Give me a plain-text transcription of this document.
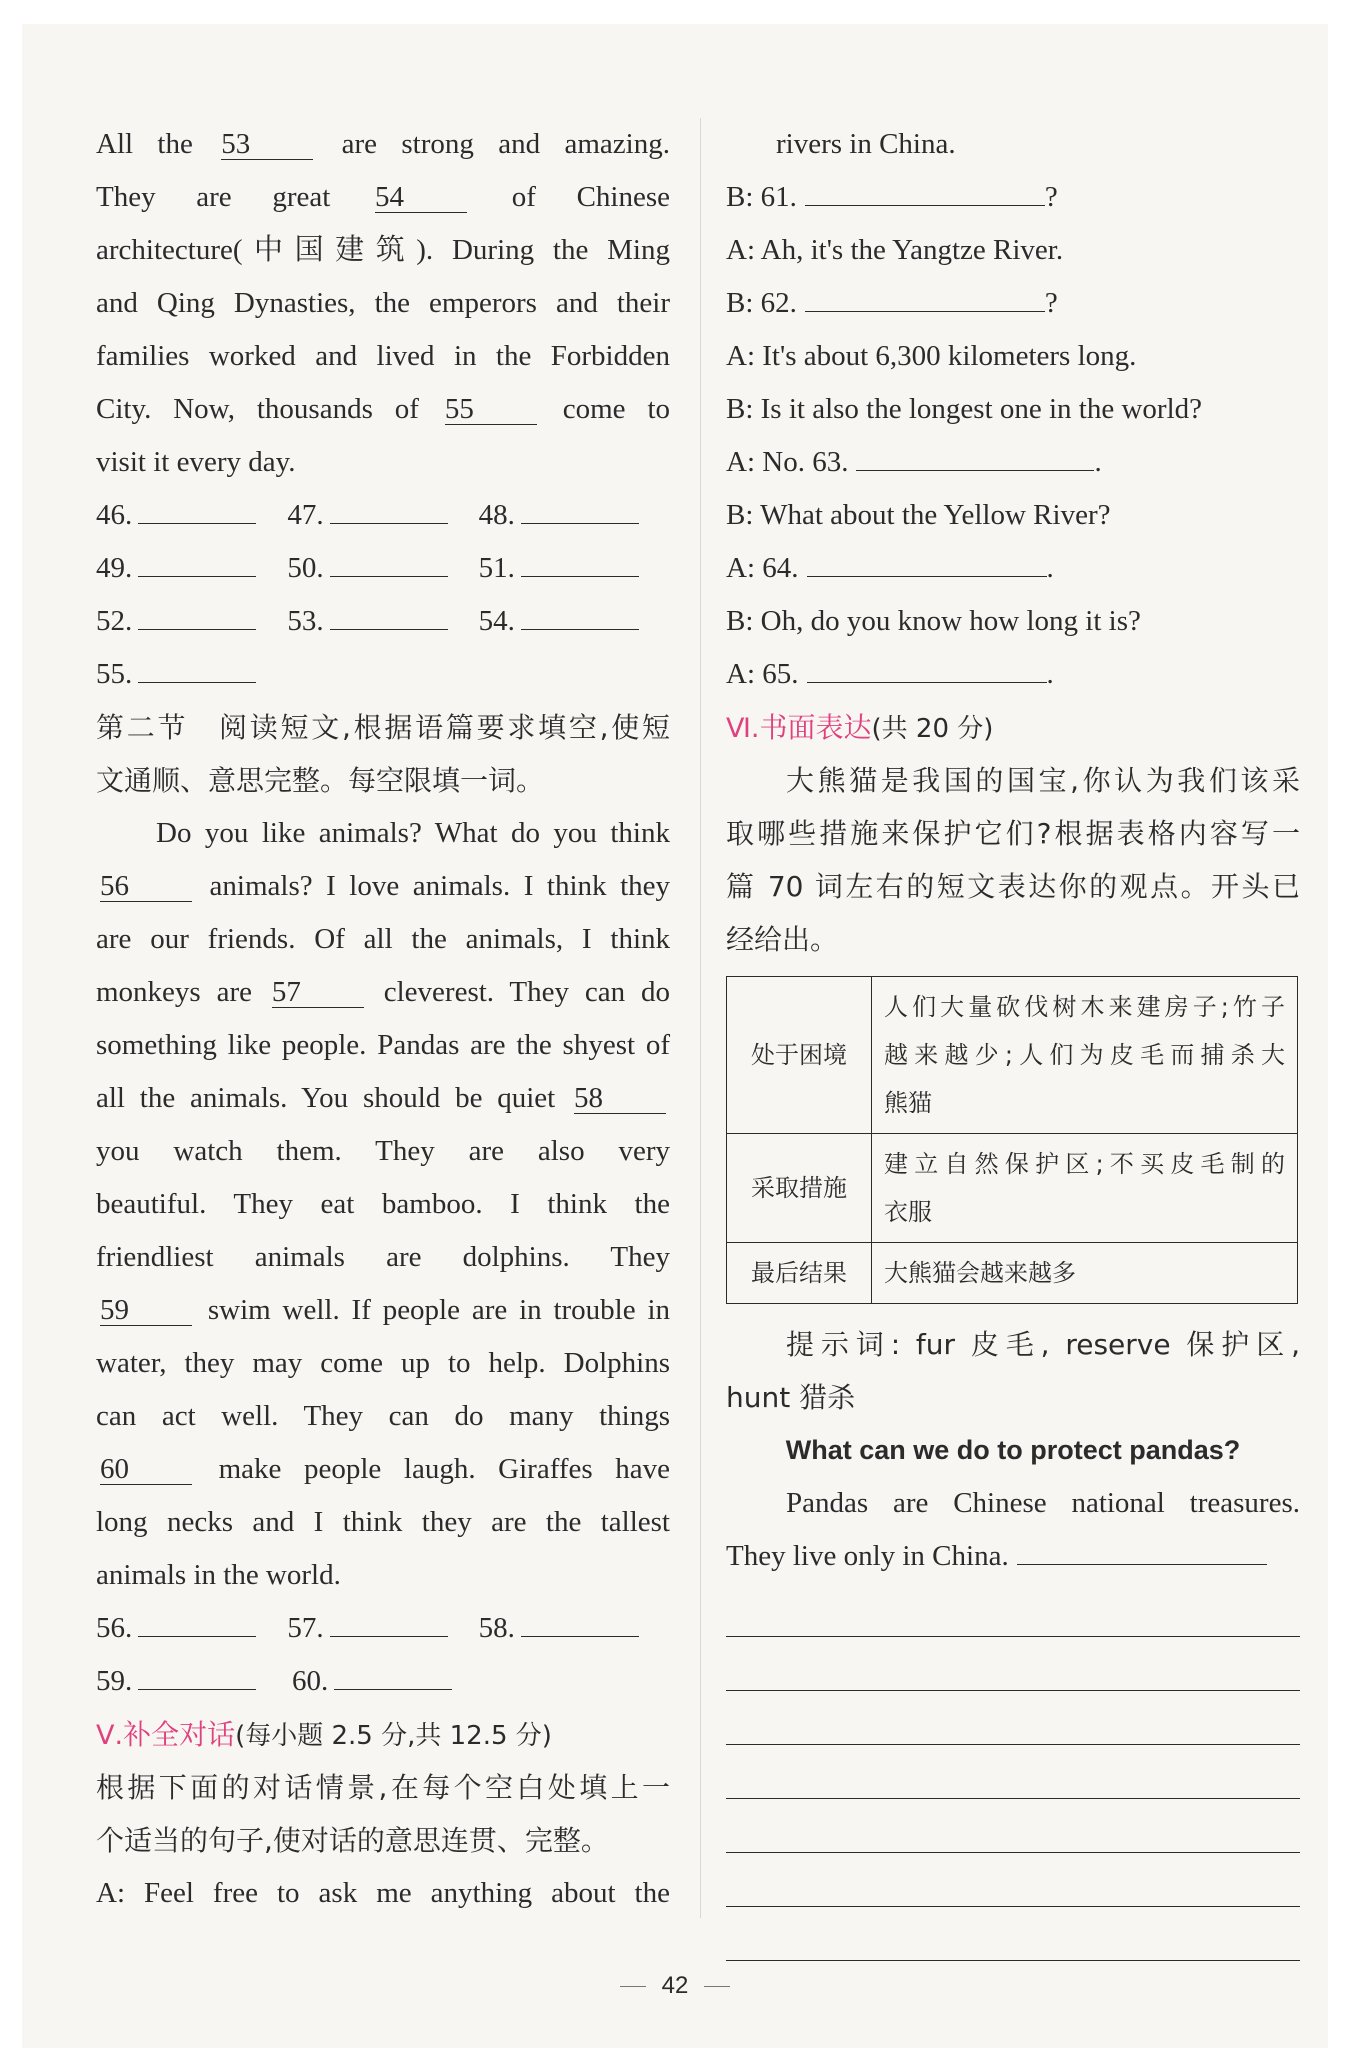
All the 53 are strong and amazing.
They are great 54 of Chinese
architecture(中国建筑). During the Ming
and Qing Dynasties, the emperors and their
families worked and lived in the Forbidden
City. Now, thousands of 55 come to
visit it every day.
46.	47.	48.
49.	50.	51.
52.	53.	54.
55.
第二节　阅读短文,根据语篇要求填空,使短
文通顺、意思完整。每空限填一词。
Do you like animals? What do you think
56 animals? I love animals. I think they
are our friends. Of all the animals, I think
monkeys are 57 cleverest. They can do
something like people. Pandas are the shyest of
all the animals. You should be quiet 58
you watch them. They are also very
beautiful. They eat bamboo. I think the
friendliest animals are dolphins. They
59 swim well. If people are in trouble in
water, they may come up to help. Dolphins
can act well. They can do many things
60 make people laugh. Giraffes have
long necks and I think they are the tallest
animals in the world.
56.	57.	58.
59.	60.
Ⅴ.补全对话(每小题 2.5 分,共 12.5 分)
根据下面的对话情景,在每个空白处填上一
个适当的句子,使对话的意思连贯、完整。
A: Feel free to ask me anything about the
rivers in China.
B: 61.	?
A: Ah, it's the Yangtze River.
B: 62.	?
A: It's about 6,300 kilometers long.
B: Is it also the longest one in the world?
A: No. 63.	.
B: What about the Yellow River?
A: 64.	.
B: Oh, do you know how long it is?
A: 65.	.
Ⅵ.书面表达(共 20 分)
大熊猫是我国的国宝,你认为我们该采
取哪些措施来保护它们?根据表格内容写一
篇 70 词左右的短文表达你的观点。开头已
经给出。
处于困境	人们大量砍伐树木来建房子;竹子
越来越少;人们为皮毛而捕杀大
熊猫

采取措施	建立自然保护区;不买皮毛制的
衣服

最后结果	大熊猫会越来越多
提示词: fur 皮毛, reserve 保护区,
hunt 猎杀
What can we do to protect pandas?
Pandas are Chinese national treasures.
They live only in China.
42
